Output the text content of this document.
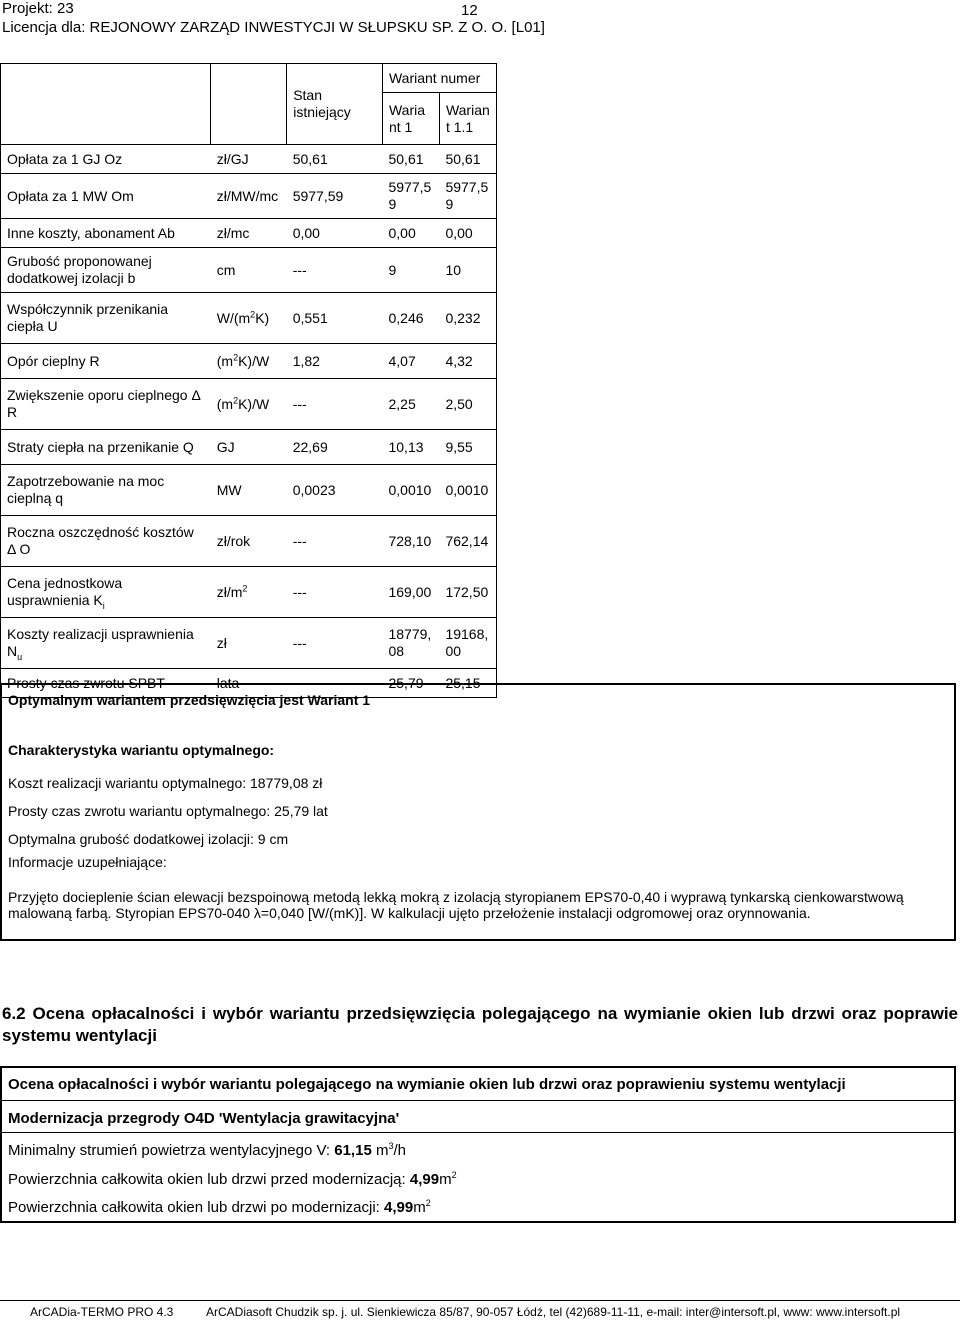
Projekt: 23	12
Licencja dla: REJONOWY ZARZĄD INWESTYCJI W SŁUPSKU SP. Z O. O. [L01]
		Stan istniejący	Wariant numer	
			Waria nt 1	Warian t 1.1
Opłata za 1 GJ Oz	zł/GJ	50,61	50,61	50,61
Opłata za 1 MW Om	zł/MW/mc	5977,59	5977,5 9	5977,5 9
Inne koszty, abonament Ab	zł/mc	0,00	0,00	0,00
Grubość proponowanej dodatkowej izolacji b	cm	---	9	10
Współczynnik przenikania ciepła U	$W/(m^2K)$	0,551	0,246	0,232
Opór cieplny R	$(m^2K)/W$	1,82	4,07	4,32
Zwiększenie oporu cieplnego Δ R	$(m^2K)/W$	---	2,25	2,50
Straty ciepła na przenikanie Q	GJ	22,69	10,13	9,55
Zapotrzebowanie na moc cieplną q	MW	0,0023	0,0010	0,0010
Roczna oszczędność kosztów Δ O	zł/rok	---	728,10	762,14
Cena jednostkowa usprawnienia $K_i$	$zł/m^2$	---	169,00	172,50
Koszty realizacji usprawnienia $N_u$	zł	---	18779, 08	19168, 00
Prosty czas zwrotu SPBT	lata	---	25,79	25,15
Optymalnym wariantem przedsięwzięcia jest Wariant 1
Charakterystyka wariantu optymalnego:
Koszt realizacji wariantu optymalnego: 18779,08 zł
Prosty czas zwrotu wariantu optymalnego: 25,79 lat
Optymalna grubość dodatkowej izolacji: 9 cm
Informacje uzupełniające:
Przyjęto docieplenie ścian elewacji bezspoinową metodą lekką mokrą z izolacją styropianem EPS70-0,40 i wyprawą tynkarską cienkowarstwową malowaną farbą. Styropian EPS70-040 λ=0,040 [W/(mK)]. W kalkulacji ujęto przełożenie instalacji odgromowej oraz orynnowania.
6.2 Ocena opłacalności i wybór wariantu przedsięwzięcia polegającego na wymianie okien lub drzwi oraz poprawie systemu wentylacji
Ocena opłacalności i wybór wariantu polegającego na wymianie okien lub drzwi oraz poprawieniu systemu wentylacji
Modernizacja przegrody O4D 'Wentylacja grawitacyjna'
Minimalny strumień powietrza wentylacyjnego V: 61,15 $m^3/h$
Powierzchnia całkowita okien lub drzwi przed modernizacją: $4,99m^2$
Powierzchnia całkowita okien lub drzwi po modernizacji: $4,99m^2$
ArCADia-TERMO PRO 4.3	ArCADiasoft Chudzik sp. j. ul. Sienkiewicza 85/87, 90-057 Łódź, tel (42)689-11-11, e-mail: inter@intersoft.pl, www: www.intersoft.pl
